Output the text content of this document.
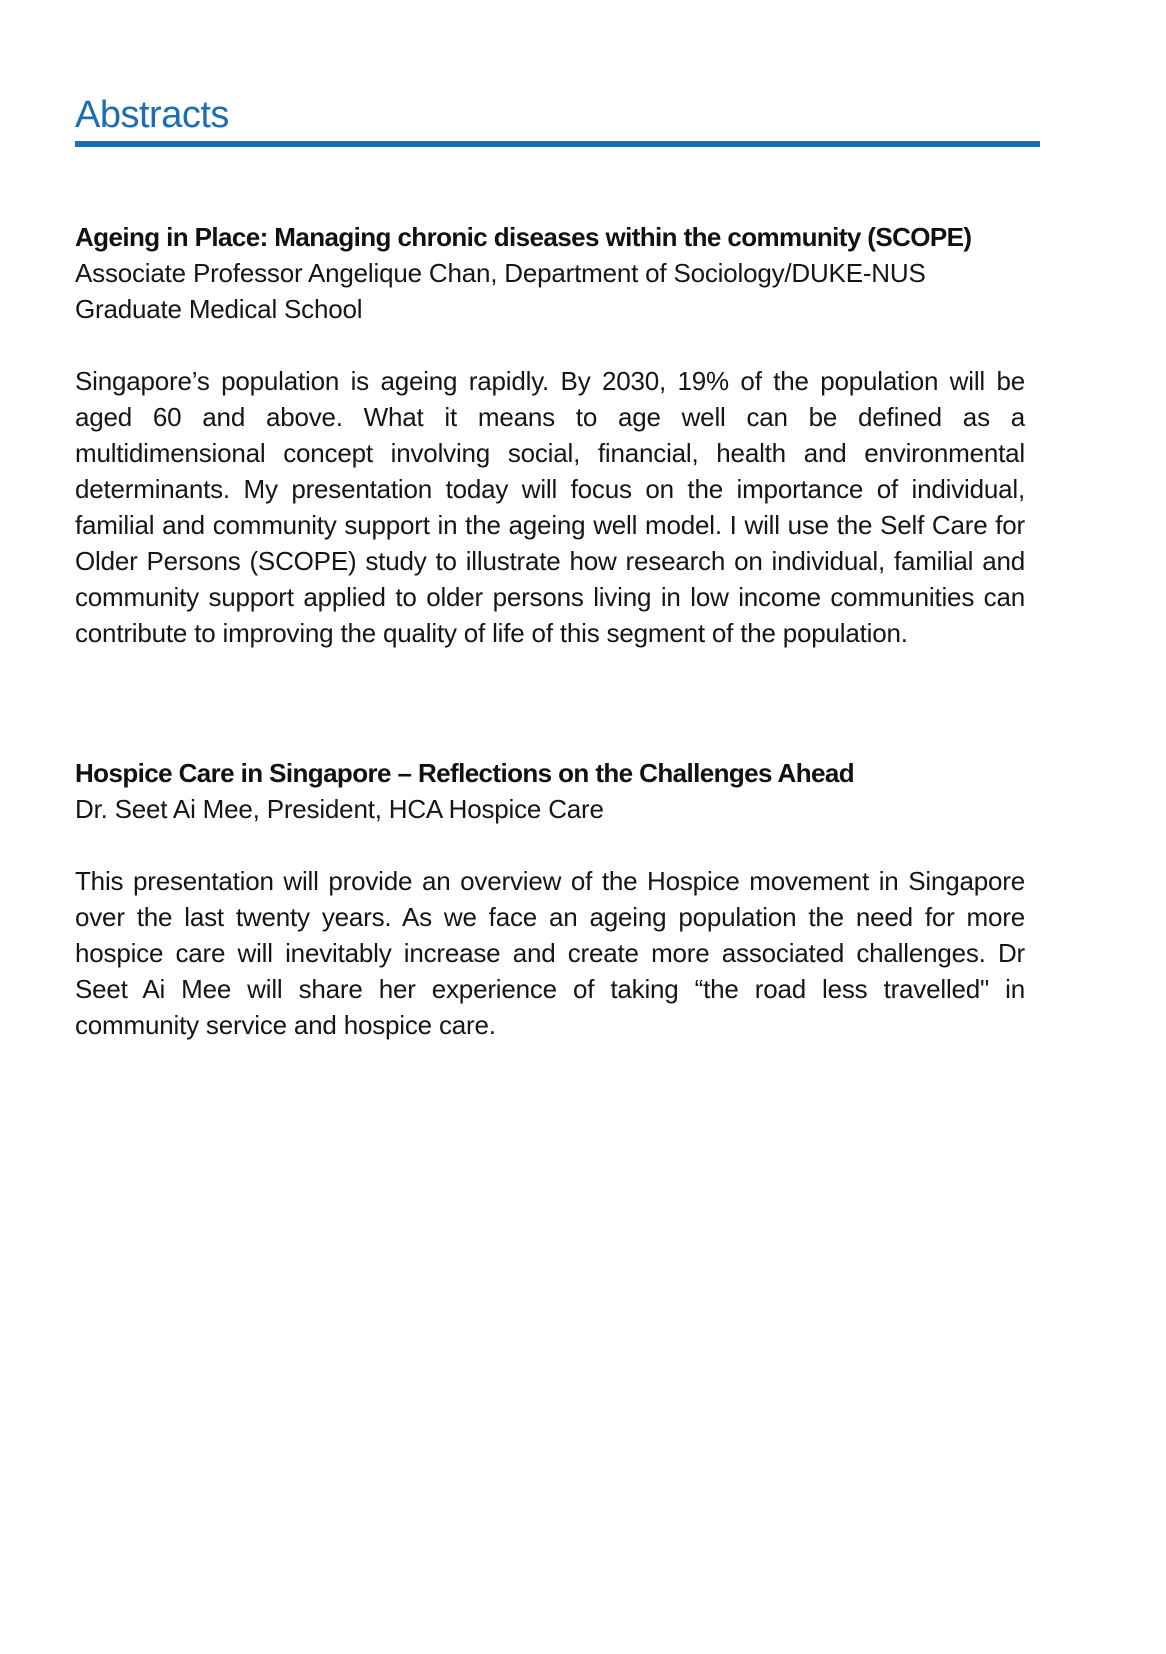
Abstracts
Ageing in Place: Managing chronic diseases within the community (SCOPE)

Associate Professor Angelique Chan, Department of Sociology/DUKE-NUS Graduate Medical School

Singapore’s population is ageing rapidly. By 2030, 19% of the population will be aged 60 and above. What it means to age well can be defined as a multidimensional concept involving social, financial, health and environmental determinants. My presentation today will focus on the importance of individual, familial and community support in the ageing well model. I will use the Self Care for Older Persons (SCOPE) study to illustrate how research on individual, familial and community support applied to older persons living in low income communities can contribute to improving the quality of life of this segment of the population.

Hospice Care in Singapore – Reflections on the Challenges Ahead

Dr. Seet Ai Mee, President, HCA Hospice Care

This presentation will provide an overview of the Hospice movement in Singapore over the last twenty years. As we face an ageing population the need for more hospice care will inevitably increase and create more associated challenges. Dr Seet Ai Mee will share her experience of taking “the road less travelled" in community service and hospice care.
